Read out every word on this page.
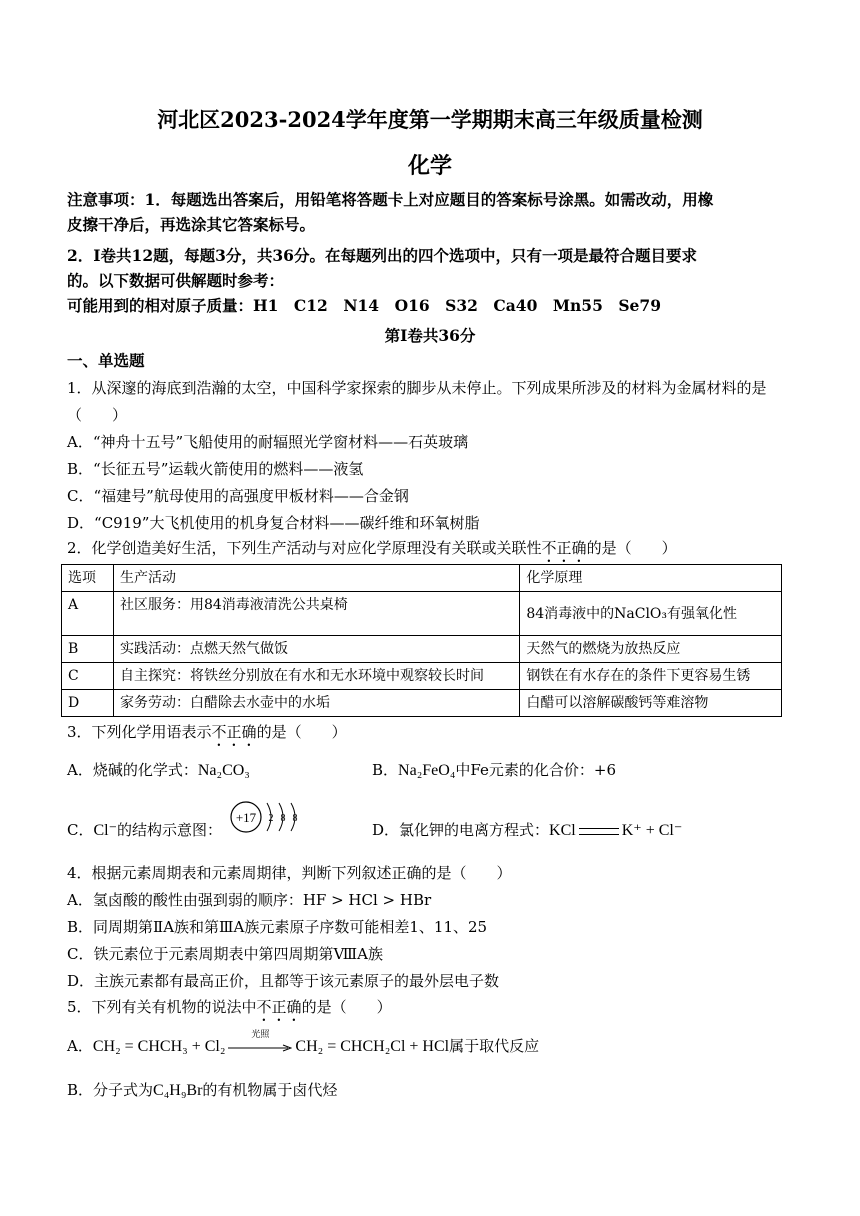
河北区2023-2024学年度第一学期期末高三年级质量检测
化学
注意事项：1．每题选出答案后，用铅笔将答题卡上对应题目的答案标号涂黑。如需改动，用橡
皮擦干净后，再选涂其它答案标号。
2．Ⅰ卷共12题，每题3分，共36分。在每题列出的四个选项中，只有一项是最符合题目要求
的。以下数据可供解题时参考：
可能用到的相对原子质量：H1　C12　N14　O16　S32　Ca40　Mn55　Se79
第Ⅰ卷共36分
一、单选题
1．从深邃的海底到浩瀚的太空，中国科学家探索的脚步从未停止。下列成果所涉及的材料为金属材料的是
（　　）
A．“神舟十五号”飞船使用的耐辐照光学窗材料——石英玻璃
B．“长征五号”运载火箭使用的燃料——液氢
C．“福建号”航母使用的高强度甲板材料——合金钢
D．“C919”大飞机使用的机身复合材料——碳纤维和环氧树脂
2．化学创造美好生活，下列生产活动与对应化学原理没有关联或关联性不正确的是（　　）
选项	生产活动	化学原理
A	社区服务：用84消毒液清洗公共桌椅	84消毒液中的NaClO₃有强氧化性
B	实践活动：点燃天然气做饭	天然气的燃烧为放热反应
C	自主探究：将铁丝分别放在有水和无水环境中观察较长时间	钢铁在有水存在的条件下更容易生锈
D	家务劳动：白醋除去水壶中的水垢	白醋可以溶解碳酸钙等难溶物
3．下列化学用语表示不正确的是（　　）
A．烧碱的化学式：Na₂CO₃	B．Na₂FeO₄中Fe元素的化合价：+6
C．Cl⁻的结构示意图：
+17 2 8 8
D．氯化钾的电离方程式：KCl	K⁺ + Cl⁻
4．根据元素周期表和元素周期律，判断下列叙述正确的是（　　）
A．氢卤酸的酸性由强到弱的顺序：HF > HCl > HBr
B．同周期第ⅡA族和第ⅢA族元素原子序数可能相差1、11、25
C．铁元素位于元素周期表中第四周期第ⅧA族
D．主族元素都有最高正价，且都等于该元素原子的最外层电子数
5．下列有关有机物的说法中不正确的是（　　）
A．CH₂ = CHCH₃ + Cl₂
光照
CH₂ = CHCH₂Cl + HCl属于取代反应
B．分子式为C₄H₉Br的有机物属于卤代烃
